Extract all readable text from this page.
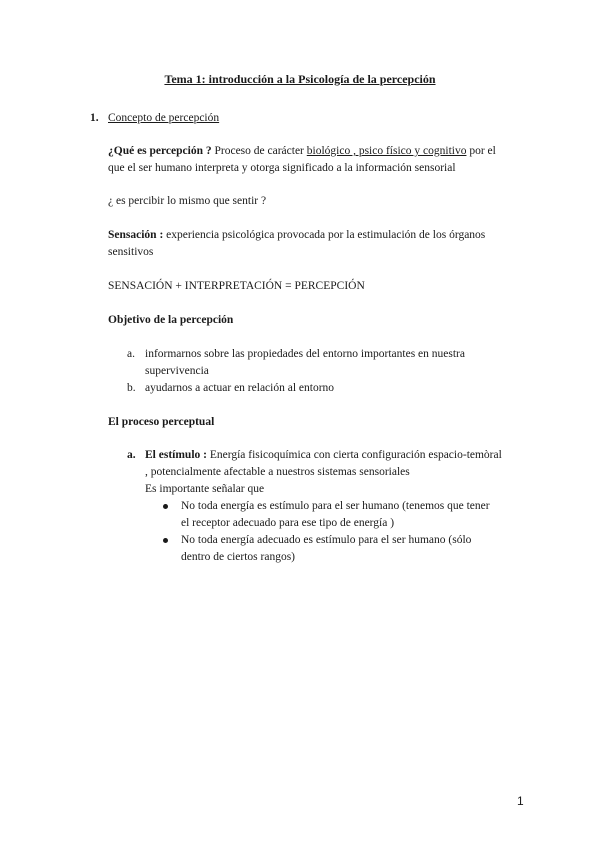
Tema 1: introducción a la Psicología de la percepción
1. Concepto de percepción
¿Qué es percepción ? Proceso de carácter biológico , psico físico y cognitivo por el
que el ser humano interpreta y otorga significado a la información sensorial
¿ es percibir lo mismo que sentir ?
Sensación : experiencia psicológica provocada por la estimulación de los órganos
sensitivos
SENSACIÓN + INTERPRETACIÓN = PERCEPCIÓN
Objetivo de la percepción
a. informarnos sobre las propiedades del entorno importantes en nuestra
supervivencia
b. ayudarnos a actuar en relación al entorno
El proceso perceptual
a. El estímulo : Energía fisicoquímica con cierta configuración espacio-temòral
, potencialmente afectable a nuestros sistemas sensoriales
Es importante señalar que
No toda energía es estímulo para el ser humano (tenemos que tener
el receptor adecuado para ese tipo de energía )
No toda energía adecuado es estímulo para el ser humano (sólo
dentro de ciertos rangos)
1
